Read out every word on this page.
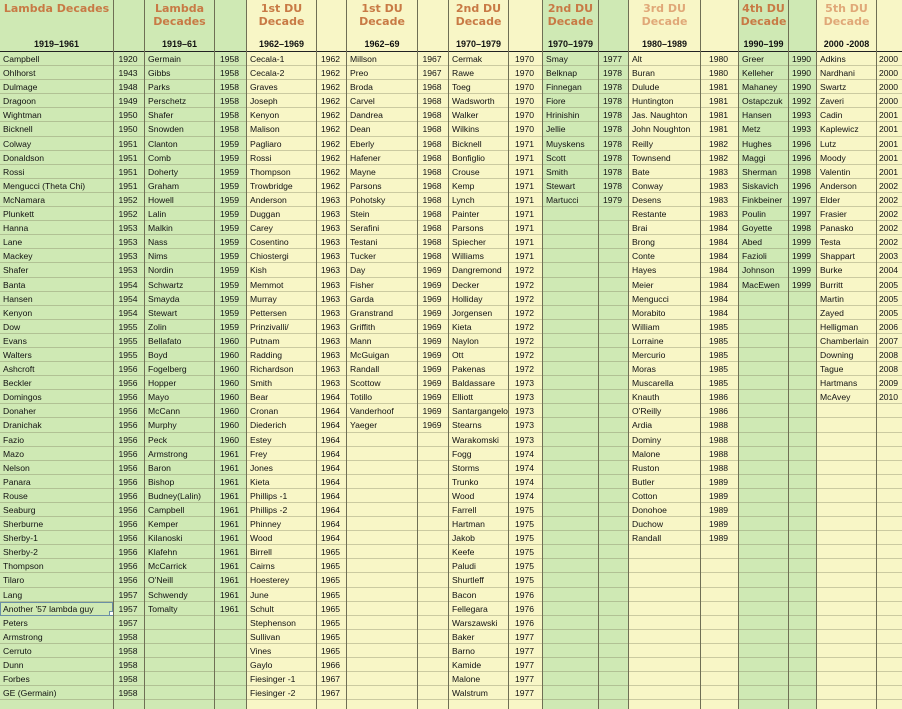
Lambda Decades
1919–1961
Campbell
Ohlhorst
Dulmage
Dragoon
Wightman
Bicknell
Colway
Donaldson
Rossi
Mengucci (Theta Chi)
McNamara
Plunkett
Hanna
Lane
Mackey
Shafer
Banta
Hansen
Kenyon
Dow
Evans
Walters
Ashcroft
Beckler
Domingos
Donaher
Dranichak
Fazio
Mazo
Nelson
Panara
Rouse
Seaburg
Sherburne
Sherby-1
Sherby-2
Thompson
Tilaro
Lang
Another '57 lambda guy
Peters
Armstrong
Cerruto
Dunn
Forbes
GE (Germain)
1920
1943
1948
1949
1950
1950
1951
1951
1951
1951
1952
1952
1953
1953
1953
1953
1954
1954
1954
1955
1955
1955
1956
1956
1956
1956
1956
1956
1956
1956
1956
1956
1956
1956
1956
1956
1956
1956
1957
1957
1957
1958
1958
1958
1958
1958
Lambda
Decades
1919–61
Germain
Gibbs
Parks
Perschetz
Shafer
Snowden
Clanton
Comb
Doherty
Graham
Howell
Lalin
Malkin
Nass
Nims
Nordin
Schwartz
Smayda
Stewart
Zolin
Bellafato
Boyd
Fogelberg
Hopper
Mayo
McCann
Murphy
Peck
Armstrong
Baron
Bishop
Budney(Lalin)
Campbell
Kemper
Kilanoski
Klafehn
McCarrick
O'Neill
Schwendy
Tomalty
1958
1958
1958
1958
1958
1958
1959
1959
1959
1959
1959
1959
1959
1959
1959
1959
1959
1959
1959
1959
1960
1960
1960
1960
1960
1960
1960
1960
1961
1961
1961
1961
1961
1961
1961
1961
1961
1961
1961
1961
1st DU
Decade
1962–1969
Cecala-1
Cecala-2
Graves
Joseph
Kenyon
Malison
Pagliaro
Rossi
Thompson
Trowbridge
Anderson
Duggan
Carey
Cosentino
Chiostergi
Kish
Memmot
Murray
Pettersen
Prinzivalli/
Putnam
Radding
Richardson
Smith
Bear
Cronan
Diederich
Estey
Frey
Jones
Kieta
Phillips -1
Phillips -2
Phinney
Wood
Birrell
Cairns
Hoesterey
June
Schult
Stephenson
Sullivan
Vines
Gaylo
Fiesinger -1
Fiesinger -2
1962
1962
1962
1962
1962
1962
1962
1962
1962
1962
1963
1963
1963
1963
1963
1963
1963
1963
1963
1963
1963
1963
1963
1963
1964
1964
1964
1964
1964
1964
1964
1964
1964
1964
1964
1965
1965
1965
1965
1965
1965
1965
1965
1966
1967
1967
1st DU
Decade
1962–69
Millson
Preo
Broda
Carvel
Dandrea
Dean
Eberly
Hafener
Mayne
Parsons
Pohotsky
Stein
Serafini
Testani
Tucker
Day
Fisher
Garda
Granstrand
Griffith
Mann
McGuigan
Randall
Scottow
Totillo
Vanderhoof
Yaeger
1967
1967
1968
1968
1968
1968
1968
1968
1968
1968
1968
1968
1968
1968
1968
1969
1969
1969
1969
1969
1969
1969
1969
1969
1969
1969
1969
2nd DU
Decade
1970–1979
Cermak
Rawe
Toeg
Wadsworth
Walker
Wilkins
Bicknell
Bonfiglio
Crouse
Kemp
Lynch
Painter
Parsons
Spiecher
Williams
Dangremond
Decker
Holliday
Jorgensen
Kieta
Naylon
Ott
Pakenas
Baldassare
Elliott
Santargangelo
Stearns
Warakomski
Fogg
Storms
Trunko
Wood
Farrell
Hartman
Jakob
Keefe
Paludi
Shurtleff
Bacon
Fellegara
Warszawski
Baker
Barno
Kamide
Malone
Walstrum
1970
1970
1970
1970
1970
1970
1971
1971
1971
1971
1971
1971
1971
1971
1971
1972
1972
1972
1972
1972
1972
1972
1972
1973
1973
1973
1973
1973
1974
1974
1974
1974
1975
1975
1975
1975
1975
1975
1976
1976
1976
1977
1977
1977
1977
1977
2nd DU
Decade
1970–1979
Smay
Belknap
Finnegan
Fiore
Hrinishin
Jellie
Muyskens
Scott
Smith
Stewart
Martucci
1977
1978
1978
1978
1978
1978
1978
1978
1978
1978
1979
3rd DU
Decade
1980–1989
Alt
Buran
Dulude
Huntington
Jas. Naughton
John Noughton
Reilly
Townsend
Bate
Conway
Desens
Restante
Brai
Brong
Conte
Hayes
Meier
Mengucci
Morabito
William
Lorraine
Mercurio
Moras
Muscarella
Knauth
O'Reilly
Ardia
Dominy
Malone
Ruston
Butler
Cotton
Donohoe
Duchow
Randall
1980
1980
1981
1981
1981
1981
1982
1982
1983
1983
1983
1983
1984
1984
1984
1984
1984
1984
1984
1985
1985
1985
1985
1985
1986
1986
1988
1988
1988
1988
1989
1989
1989
1989
1989
4th DU
Decade
1990–199
Greer
Kelleher
Mahaney
Ostapczuk
Hansen
Metz
Hughes
Maggi
Sherman
Siskavich
Finkbeiner
Poulin
Goyette
Abed
Fazioli
Johnson
MacEwen
1990
1990
1990
1992
1993
1993
1996
1996
1998
1996
1997
1997
1998
1999
1999
1999
1999
5th DU
Decade
2000 -2008
Adkins
Nardhani
Swartz
Zaveri
Cadin
Kaplewicz
Lutz
Moody
Valentin
Anderson
Elder
Frasier
Panasko
Testa
Shappart
Burke
Burritt
Martin
Zayed
Helligman
Chamberlain
Downing
Tague
Hartmans
McAvey
2000
2000
2000
2000
2001
2001
2001
2001
2001
2002
2002
2002
2002
2002
2003
2004
2005
2005
2005
2006
2007
2008
2008
2009
2010
